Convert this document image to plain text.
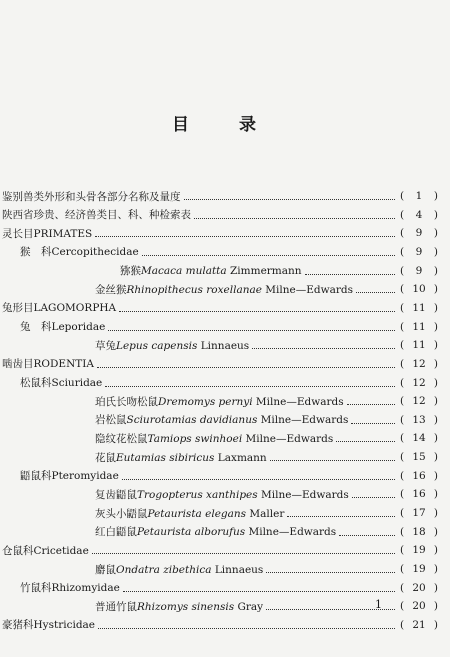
目 录
鉴别兽类外形和头骨各部分名称及量度	( 1 )
陕西省珍贵、经济兽类目、科、种检索表	( 4 )
灵长目PRIMATES	( 9 )
猴　科Cercopithecidae	( 9 )
猕猴Macaca mulatta Zimmermann	( 9 )
金丝猴Rhinopithecus roxellanae Milne—Edwards	( 10 )
兔形目LAGOMORPHA	( 11 )
兔　科Leporidae	( 11 )
草兔Lepus capensis Linnaeus	( 11 )
啮齿目RODENTIA	( 12 )
松鼠科Sciuridae	( 12 )
珀氏长吻松鼠Dremomys pernyi Milne—Edwards	( 12 )
岩松鼠Sciurotamias davidianus Milne—Edwards	( 13 )
隐纹花松鼠Tamiops swinhoei Milne—Edwards	( 14 )
花鼠Eutamias sibiricus Laxmann	( 15 )
鼯鼠科Pteromyidae	( 16 )
复齿鼯鼠Trogopterus xanthipes Milne—Edwards	( 16 )
灰头小鼯鼠Petaurista elegans Maller	( 17 )
红白鼯鼠Petaurista alborufus Milne—Edwards	( 18 )
仓鼠科Cricetidae	( 19 )
麝鼠Ondatra zibethica Linnaeus	( 19 )
竹鼠科Rhizomyidae	( 20 )
普通竹鼠Rhizomys sinensis Gray	( 20 )
豪猪科Hystricidae	( 21 )
1
